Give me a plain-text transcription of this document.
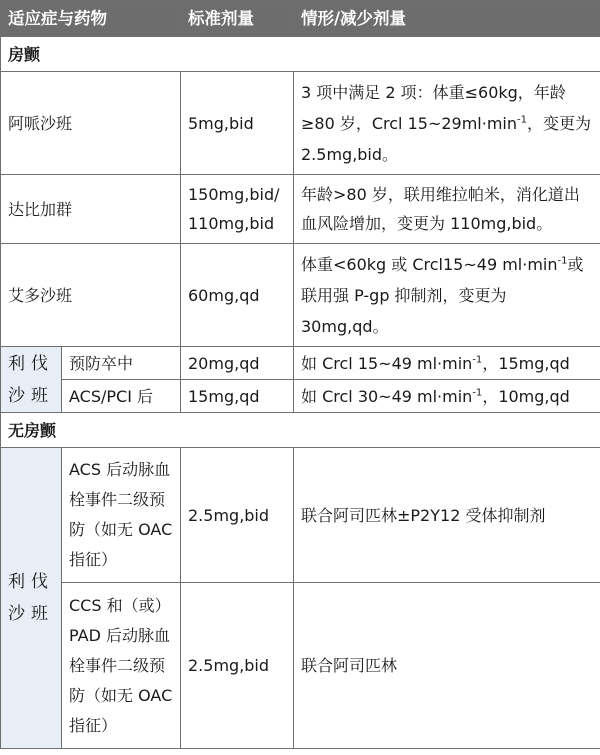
适应症与药物		标准剂量	情形/减少剂量
房颤			
阿哌沙班		5mg,bid	3 项中满足 2 项：体重≤60kg，年龄≥80 岁，Crcl $15\sim 29ml\cdot\min^{-1}$，变更为 2.5mg,bid。
达比加群		150mg,bid/ 110mg,bid	年龄>80 岁，联用维拉帕米，消化道出血风险增加，变更为 110mg,bid。
艾多沙班		60mg,qd	体重<60kg 或 Crcl15~49 $ml\cdot\min^{-1}$或联用强 P-gp 抑制剂，变更为 30mg,qd。
利伐沙班	预防卒中	20mg,qd	如 Crcl 15~49 $ml\cdot\min^{-1}$，15mg,qd
	ACS/PCI 后	15mg,qd	如 Crcl 30~49 $ml\cdot\min^{-1}$，10mg,qd
无房颤			
利伐沙班	ACS 后动脉血栓事件二级预防（如无 OAC 指征）	2.5mg,bid	联合阿司匹林±P2Y12 受体抑制剂
	CCS 和（或）PAD 后动脉血栓事件二级预防（如无 OAC 指征）	2.5mg,bid	联合阿司匹林
